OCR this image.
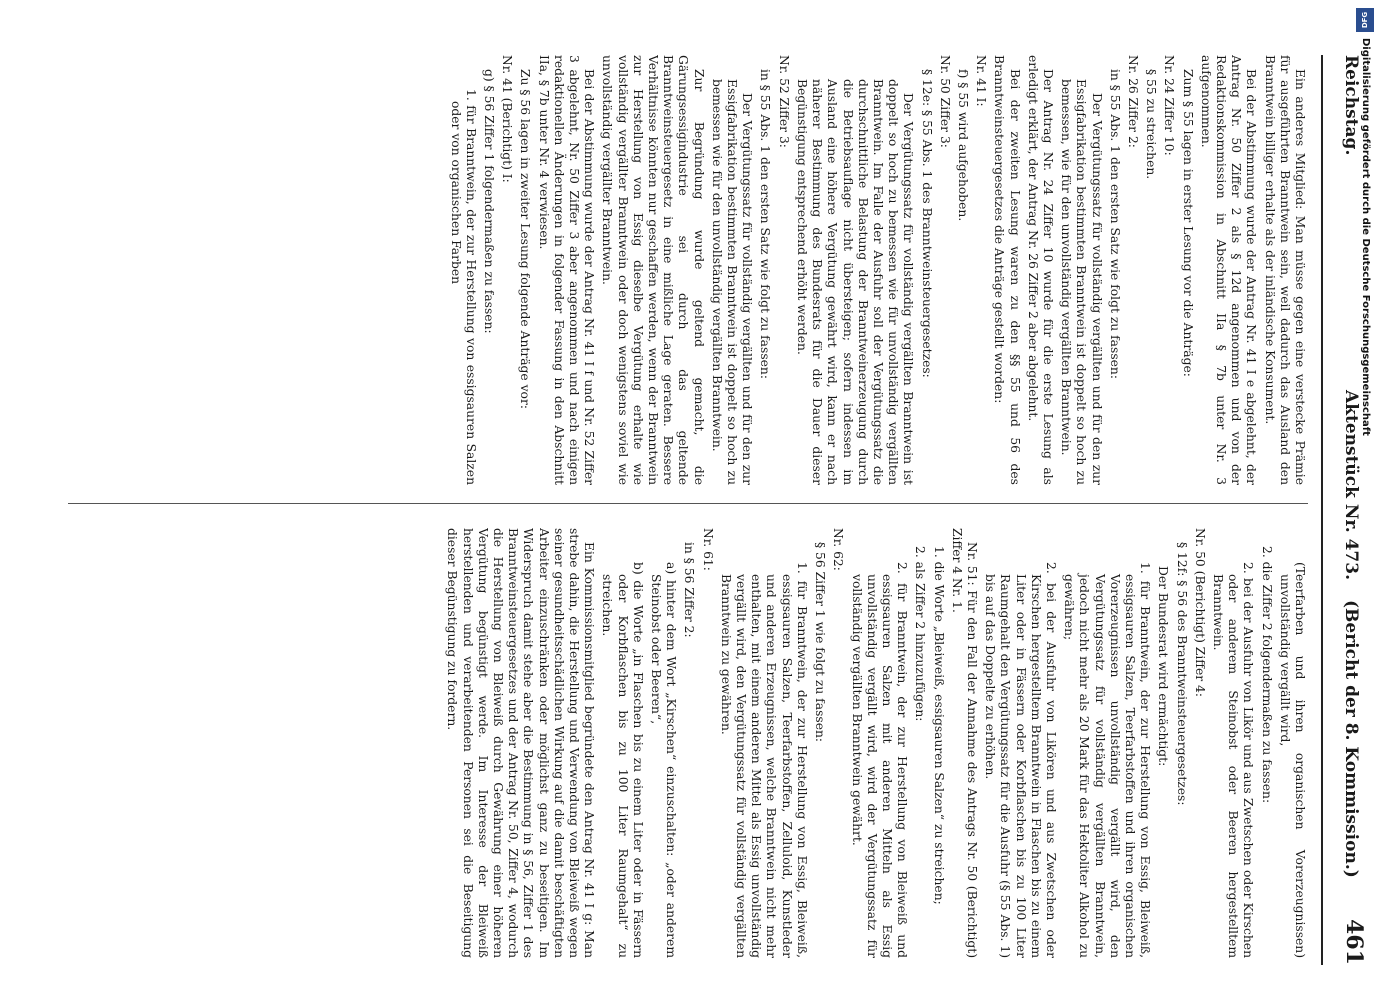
Reichstag.
Aktenstück Nr. 473.
(Bericht der 8. Kommission.)
461

Ein anderes Mitglied: Man müsse gegen eine verstecke Prämie für ausgeführten Branntwein sein, weil dadurch das Ausland den Branntwein billiger erhalte als der inländische Konsument.

Bei der Abstimmung wurde der Antrag Nr. 41 I e abgelehnt, der Antrag Nr. 50 Ziffer 2 als § 12d angenommen und von der Redaktionskommission in Abschnitt IIa § 7b unter Nr. 3 aufgenommen.

Zum § 55 lagen in erster Lesung vor die Anträge:

Nr. 24 Ziffer 10:

§ 55 zu streichen.

Nr. 26 Ziffer 2:

in § 55 Abs. 1 den ersten Satz wie folgt zu fassen:

Der Vergütungssatz für vollständig vergällten und für den zur Essigfabrikation bestimmten Branntwein ist doppelt so hoch zu bemessen, wie für den unvollständig vergällten Branntwein.

Der Antrag Nr. 24 Ziffer 10 wurde für die erste Lesung als erledigt erklärt, der Antrag Nr. 26 Ziffer 2 aber abgelehnt.

Bei der zweiten Lesung waren zu den §§ 55 und 56 des Branntweinsteuergesetzes die Anträge gestellt worden:

Nr. 41 I:

f) § 55 wird aufgehoben.

Nr. 50 Ziffer 3:

§ 12e: § 55 Abs. 1 des Branntweinsteuergesetzes:

Der Vergütungssatz für vollständig vergällten Branntwein ist doppelt so hoch zu bemessen wie für unvollständig vergällten Branntwein. Im Falle der Ausfuhr soll der Vergütungssatz die durchschnittliche Belastung der Branntweinerzeugung durch die Betriebsauflage nicht übersteigen; sofern indessen im Ausland eine höhere Vergütung gewährt wird, kann er nach näherer Bestimmung des Bundesrats für die Dauer dieser Begünstigung entsprechend erhöht werden.

Nr. 52 Ziffer 3:

in § 55 Abs. 1 den ersten Satz wie folgt zu fassen:

Der Vergütungssatz für vollständig vergällten und für den zur Essigfabrikation bestimmten Branntwein ist doppelt so hoch zu bemessen wie für den unvollständig vergällten Branntwein.

Zur Begründung wurde geltend gemacht, die Gärungsessigindustrie sei durch das geltende Branntweinsteuergesetz in eine mißliche Lage geraten. Bessere Verhältnisse könnten nur geschaffen werden, wenn der Branntwein zur Herstellung von Essig dieselbe Vergütung erhalte wie vollständig vergällter Branntwein oder doch wenigstens soviel wie unvollständig vergällter Branntwein.

Bei der Abstimmung wurde der Antrag Nr. 41 I f und Nr. 52 Ziffer 3 abgelehnt, Nr. 50 Ziffer 3 aber angenommen und nach einigen redaktionellen Änderungen in folgender Fassung in den Abschnitt IIa, § 7b unter Nr. 4 verwiesen.

Zu § 56 lagen in zweiter Lesung folgende Anträge vor:

Nr. 41 (Berichtigt) I:

g) § 56 Ziffer 1 folgendermaßen zu fassen:

1. für Branntwein, der zur Herstellung von essigsauren Salzen oder von organischen Farben

(Teerfarben und ihren organischen Vorerzeugnissen) unvollständig vergällt wird,

2. die Ziffer 2 folgendermaßen zu fassen:

2. bei der Ausfuhr von Likör und aus Zwetschen oder Kirschen oder anderem Steinobst oder Beeren hergestelltem Branntwein.

Nr. 50 (Berichtigt) Ziffer 4:

§ 12f: § 56 des Branntweinsteuergesetzes:

Der Bundesrat wird ermächtigt:

1. für Branntwein, der zur Herstellung von Essig, Bleiweiß, essigsauren Salzen, Teerfarbstoffen und ihren organischen Vorerzeugnissen unvollständig vergällt wird, den Vergütungssatz für vollständig vergällten Branntwein, jedoch nicht mehr als 20 Mark für das Hektoliter Alkohol zu gewähren;

2. bei der Ausfuhr von Likören und aus Zwetschen oder Kirschen hergestelltem Branntwein in Flaschen bis zu einem Liter oder in Fässern oder Korbflaschen bis zu 100 Liter Raumgehalt den Vergütungssatz für die Ausfuhr (§ 55 Abs. 1) bis auf das Doppelte zu erhöhen.

Nr. 51: Für den Fall der Annahme des Antrags Nr. 50 (Berichtigt) Ziffer 4 Nr. 1.

1. die Worte „Bleiweiß, essigsauren Salzen“ zu streichen;

2. als Ziffer 2 hinzuzufügen:

2. für Branntwein, der zur Herstellung von Bleiweiß und essigsauren Salzen mit anderen Mitteln als Essig unvollständig vergällt wird, wird der Vergütungssatz für vollständig vergällten Branntwein gewährt.

Nr. 62:

§ 56 Ziffer 1 wie folgt zu fassen:

1. für Branntwein, der zur Herstellung von Essig, Bleiweiß, essigsauren Salzen, Teerfarbstoffen, Zelluloid, Kunstleder und anderen Erzeugnissen, welche Branntwein nicht mehr enthalten, mit einem anderen Mittel als Essig unvollständig vergällt wird, den Vergütungssatz für vollständig vergällten Branntwein zu gewähren.

Nr. 61:

in § 56 Ziffer 2:

a) hinter dem Wort „Kirschen“ einzuschalten: „oder anderem Steinobst oder Beeren“,

b) die Worte „in Flaschen bis zu einem Liter oder in Fässern oder Korbflaschen bis zu 100 Liter Raumgehalt“ zu streichen.

Ein Kommissionsmitglied begründete den Antrag Nr. 41 I g: Man strebe dahin, die Herstellung und Verwendung von Bleiweiß wegen seiner gesundheitsschädlichen Wirkung auf die damit beschäftigten Arbeiter einzuschränken oder möglichst ganz zu beseitigen. Im Widerspruch damit stehe aber die Bestimmung in § 56, Ziffer 1 des Branntweinsteuergesetzes und der Antrag Nr. 50, Ziffer 4, wodurch die Herstellung von Bleiweiß durch Gewährung einer höheren Vergütung begünstigt werde. Im Interesse der Bleiweiß herstellenden und verarbeitenden Personen sei die Beseitigung dieser Begünstigung zu fordern.

DFG
Digitalisierung gefördert durch die Deutsche Forschungsgemeinschaft
